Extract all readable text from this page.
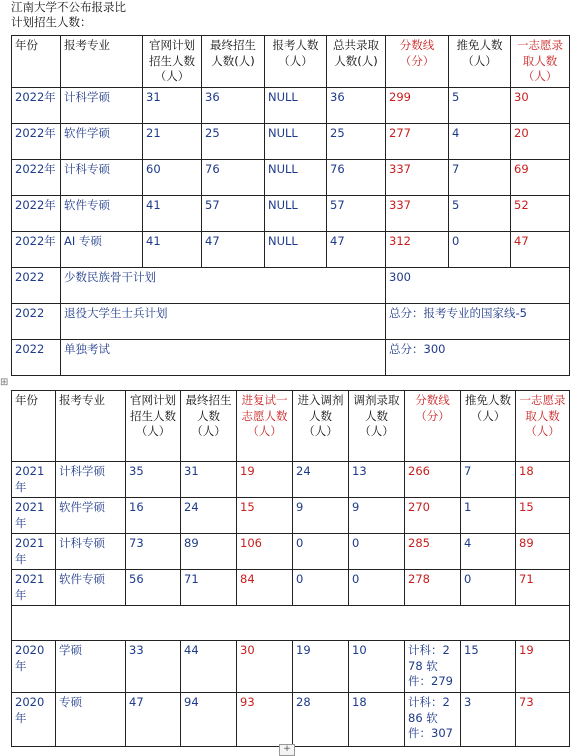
江南大学不公布报录比
计划招生人数：
年份	报考专业	官网计划招生人数（人）	最终招生人数(人)	报考人数（人）	总共录取人数(人)	分数线（分）	推免人数（人）	一志愿录取人数（人）
2022年	计科学硕	31	36	NULL	36	299	5	30
2022年	软件学硕	21	25	NULL	25	277	4	20
2022年	计科专硕	60	76	NULL	76	337	7	69
2022年	软件专硕	41	57	NULL	57	337	5	52
2022年	AI 专硕	41	47	NULL	47	312	0	47
2022	少数民族骨干计划					300		
2022	退役大学生士兵计划					总分：报考专业的国家线-5		
2022	单独考试					总分：300		
⊞
年份	报考专业	官网计划招生人数（人）	最终招生人数（人）	进复试一志愿人数（人）	进入调剂人数（人）	调剂录取人数（人）	分数线（分）	推免人数（人）	一志愿录取人数（人）
2021年	计科学硕	35	31	19	24	13	266	7	18
2021年	软件学硕	16	24	15	9	9	270	1	15
2021年	计科专硕	73	89	106	0	0	285	4	89
2021年	软件专硕	56	71	84	0	0	278	0	71

2020年	学硕	33	44	30	19	10	计科：278 软件：279	15	19
2020年	专硕	47	94	93	28	18	计科：286 软件：307	3	73
+
